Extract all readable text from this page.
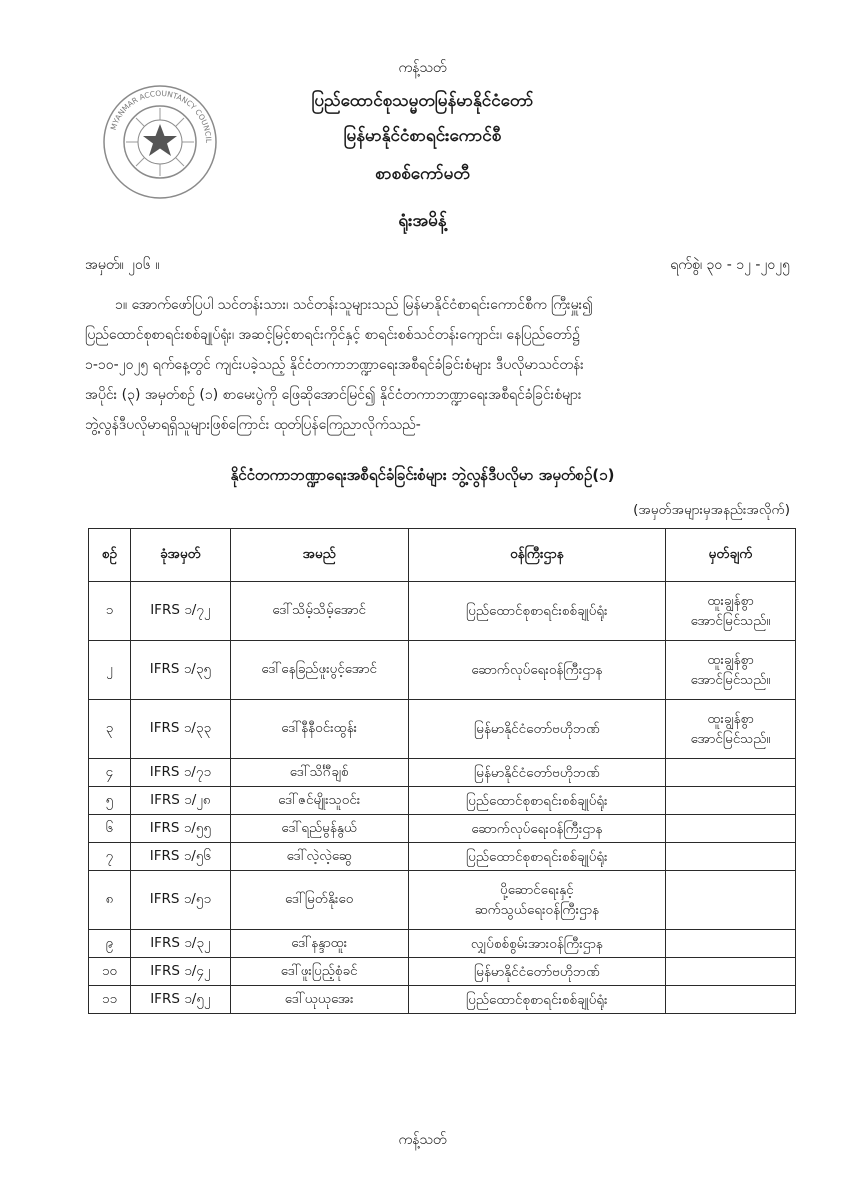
MYANMAR ACCOUNTANCY COUNCIL
ကန့်သတ်
ပြည်ထောင်စုသမ္မတမြန်မာနိုင်ငံတော်
မြန်မာနိုင်ငံစာရင်းကောင်စီ
စာစစ်ကော်မတီ
ရုံးအမိန့်
အမှတ်။ ၂၀၆ ။	ရက်စွဲ၊ ၃၀ - ၁၂ -၂၀၂၅
၁။ အောက်ဖော်ပြပါ သင်တန်းသား၊ သင်တန်းသူများသည် မြန်မာနိုင်ငံစာရင်းကောင်စီက ကြီးမှူး၍
ပြည်ထောင်စုစာရင်းစစ်ချုပ်ရုံး၊ အဆင့်မြင့်စာရင်းကိုင်နှင့် စာရင်းစစ်သင်တန်းကျောင်း၊ နေပြည်တော်၌
၁-၁၀-၂၀၂၅ ရက်နေ့တွင် ကျင်းပခဲ့သည့် နိုင်ငံတကာဘဏ္ဍာရေးအစီရင်ခံခြင်းစံများ ဒီပလိုမာသင်တန်း
အပိုင်း (၃) အမှတ်စဉ် (၁) စာမေးပွဲကို ဖြေဆိုအောင်မြင်၍ နိုင်ငံတကာဘဏ္ဍာရေးအစီရင်ခံခြင်းစံများ
ဘွဲ့လွန်ဒီပလိုမာရရှိသူများဖြစ်ကြောင်း ထုတ်ပြန်ကြေညာလိုက်သည်-
နိုင်ငံတကာဘဏ္ဍာရေးအစီရင်ခံခြင်းစံများ ဘွဲ့လွန်ဒီပလိုမာ အမှတ်စဉ်(၁)
(အမှတ်အများမှအနည်းအလိုက်)
စဉ်	ခုံအမှတ်	အမည်	ဝန်ကြီးဌာန	မှတ်ချက်
၁	IFRS ၁/၇၂	ဒေါ်သိမ့်သိမ့်အောင်	ပြည်ထောင်စုစာရင်းစစ်ချုပ်ရုံး	ထူးချွန်စွာ
အောင်မြင်သည်။

၂	IFRS ၁/၃၅	ဒေါ်နေခြည်ဖူးပွင့်အောင်	ဆောက်လုပ်ရေးဝန်ကြီးဌာန	ထူးချွန်စွာ
အောင်မြင်သည်။

၃	IFRS ၁/၃၃	ဒေါ်နီနီဝင်းထွန်း	မြန်မာနိုင်ငံတော်ဗဟိုဘဏ်	ထူးချွန်စွာ
အောင်မြင်သည်။

၄	IFRS ၁/၇၁	ဒေါ်သိင်္ဂီချစ်	မြန်မာနိုင်ငံတော်ဗဟိုဘဏ်	

၅	IFRS ၁/၂၈	ဒေါ်ဇင်မျိုးသူဝင်း	ပြည်ထောင်စုစာရင်းစစ်ချုပ်ရုံး	

၆	IFRS ၁/၅၅	ဒေါ်ရည်မွန်နွယ်	ဆောက်လုပ်ရေးဝန်ကြီးဌာန	

၇	IFRS ၁/၅၆	ဒေါ်လဲ့လဲ့ဆွေ	ပြည်ထောင်စုစာရင်းစစ်ချုပ်ရုံး	

၈	IFRS ၁/၅၁	ဒေါ်မြတ်နိုးဝေ	ပို့ဆောင်ရေးနှင့်
ဆက်သွယ်ရေးဝန်ကြီးဌာန	

၉	IFRS ၁/၃၂	ဒေါ်နန္ဒာထူး	လျှပ်စစ်စွမ်းအားဝန်ကြီးဌာန	

၁၀	IFRS ၁/၄၂	ဒေါ်ဖူးပြည့်စုံခင်	မြန်မာနိုင်ငံတော်ဗဟိုဘဏ်	

၁၁	IFRS ၁/၅၂	ဒေါ်ယုယုအေး	ပြည်ထောင်စုစာရင်းစစ်ချုပ်ရုံး	

ကန့်သတ်
